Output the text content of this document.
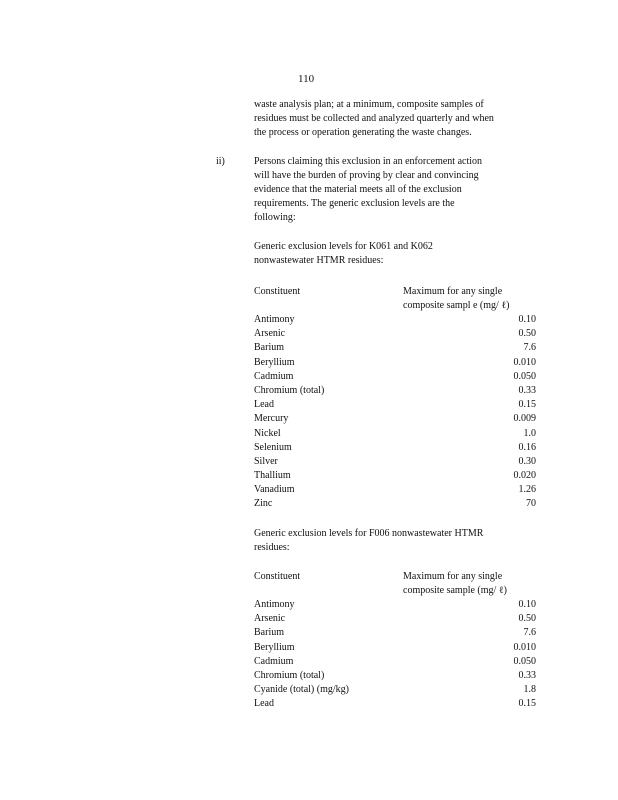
110
waste analysis plan; at a minimum, composite samples of
residues must be collected and analyzed quarterly and when
the process or operation generating the waste changes.
ii)	Persons claiming this exclusion in an enforcement action
will have the burden of proving by clear and convincing
evidence that the material meets all of the exclusion
requirements. The generic exclusion levels are the
following:
Generic exclusion levels for K061 and K062
nonwastewater HTMR residues:
Constituent	Maximum for any single
composite sampl e (mg/ ℓ)
Antimony	0.10
Arsenic	0.50
Barium	7.6
Beryllium	0.010
Cadmium	0.050
Chromium (total)	0.33
Lead	0.15
Mercury	0.009
Nickel	1.0
Selenium	0.16
Silver	0.30
Thallium	0.020
Vanadium	1.26
Zinc	70
Generic exclusion levels for F006 nonwastewater HTMR
residues:
Constituent	Maximum for any single
composite sample (mg/ ℓ)
Antimony	0.10
Arsenic	0.50
Barium	7.6
Beryllium	0.010
Cadmium	0.050
Chromium (total)	0.33
Cyanide (total) (mg/kg)	1.8
Lead	0.15
